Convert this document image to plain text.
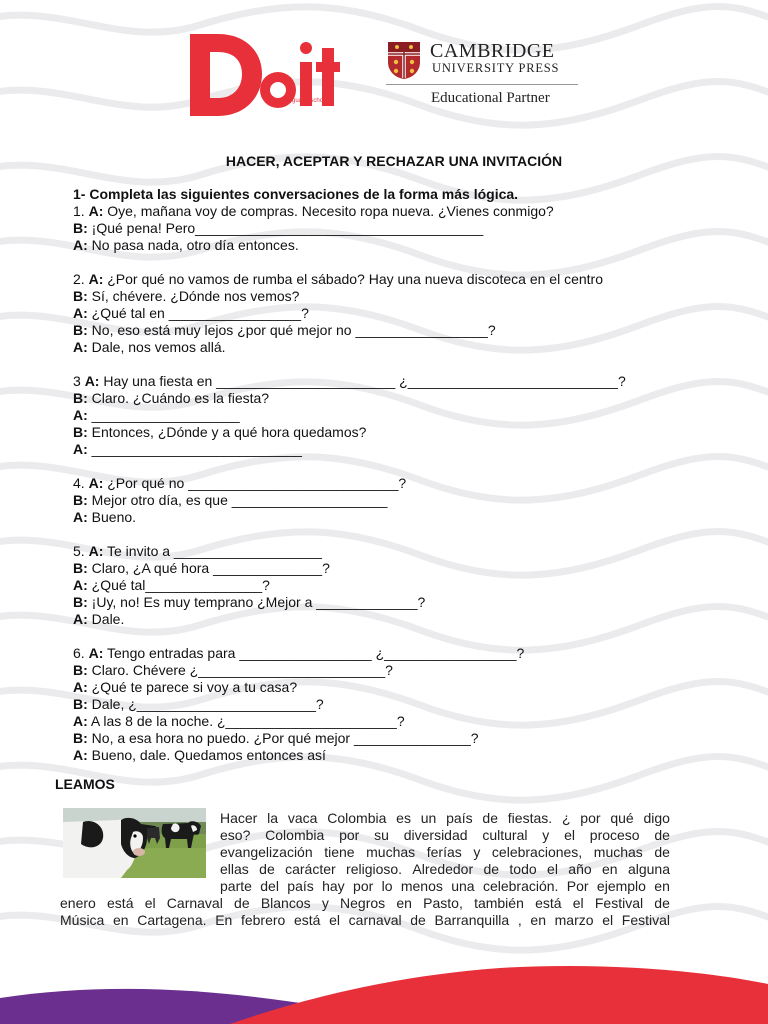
language school
CAMBRIDGE
UNIVERSITY PRESS
Educational Partner
HACER, ACEPTAR Y RECHAZAR UNA INVITACIÓN
1- Completa las siguientes conversaciones de la forma más lógica.
1. A: Oye, mañana voy de compras. Necesito ropa nueva. ¿Vienes conmigo?
B: ¡Qué pena! Pero_____________________________________
A: No pasa nada, otro día entonces.
2. A: ¿Por qué no vamos de rumba el sábado? Hay una nueva discoteca en el centro
B: Sí, chévere. ¿Dónde nos vemos?
A: ¿Qué tal en _________________?
B: No, eso está muy lejos ¿por qué mejor no _________________?
A: Dale, nos vemos allá.
3 A: Hay una fiesta en _______________________ ¿___________________________?
B: Claro. ¿Cuándo es la fiesta?
A: ___________________
B: Entonces, ¿Dónde y a qué hora quedamos?
A: ___________________________
4. A: ¿Por qué no ___________________________?
B: Mejor otro día, es que ____________________
A: Bueno.
5. A: Te invito a ___________________
B: Claro, ¿A qué hora ______________?
A: ¿Qué tal_______________?
B: ¡Uy, no! Es muy temprano ¿Mejor a _____________?
A: Dale.
6. A: Tengo entradas para _________________ ¿_________________?
B: Claro. Chévere ¿________________________?
A: ¿Qué te parece si voy a tu casa?
B: Dale, ¿_______________________?
A: A las 8 de la noche. ¿______________________?
B: No, a esa hora no puedo. ¿Por qué mejor _______________?
A: Bueno, dale. Quedamos entonces así
LEAMOS
Hacer la vaca Colombia es un país de fiestas. ¿ por qué digo
eso? Colombia por su diversidad cultural y el proceso de
evangelización tiene muchas ferías y celebraciones, muchas de
ellas de carácter religioso. Alrededor de todo el año en alguna
parte del país hay por lo menos una celebración. Por ejemplo en
enero está el Carnaval de Blancos y Negros en Pasto, también está el Festival de
Música en Cartagena. En febrero está el carnaval de Barranquilla , en marzo el Festival
